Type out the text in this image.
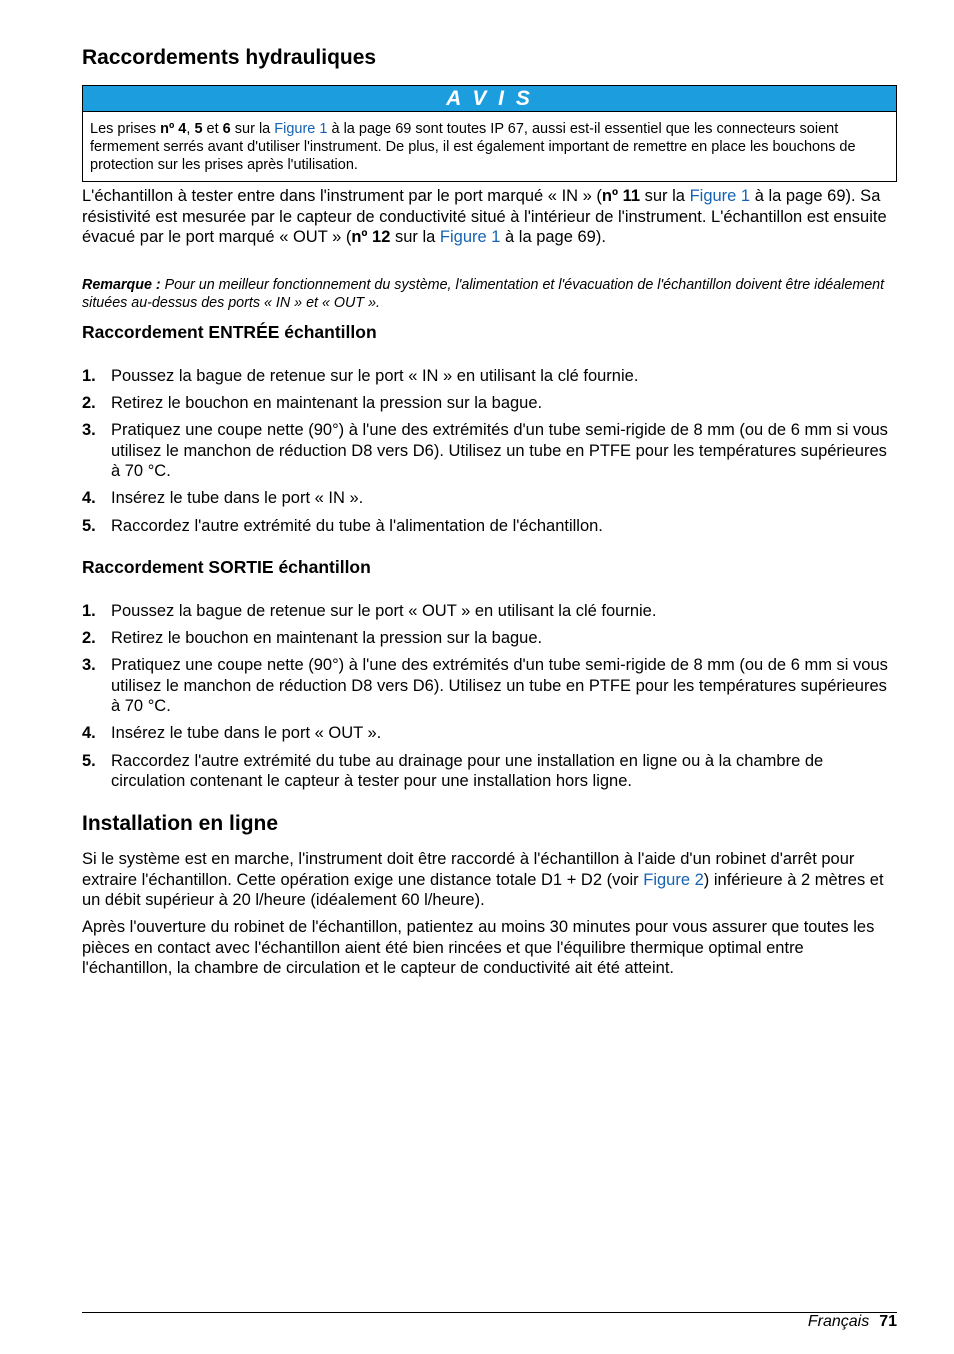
Raccordements hydrauliques
A V I S
Les prises nº 4, 5 et 6 sur la Figure 1 à la page 69 sont toutes IP 67, aussi est-il essentiel que les connecteurs soient fermement serrés avant d'utiliser l'instrument. De plus, il est également important de remettre en place les bouchons de protection sur les prises après l'utilisation.

L'échantillon à tester entre dans l'instrument par le port marqué « IN » (nº 11 sur la Figure 1 à la page 69). Sa résistivité est mesurée par le capteur de conductivité situé à l'intérieur de l'instrument. L'échantillon est ensuite évacué par le port marqué « OUT » (nº 12 sur la Figure 1 à la page 69).

Remarque : Pour un meilleur fonctionnement du système, l'alimentation et l'évacuation de l'échantillon doivent être idéalement situées au-dessus des ports « IN » et « OUT ».

Raccordement ENTRÉE échantillon
1. Poussez la bague de retenue sur le port « IN » en utilisant la clé fournie.
2. Retirez le bouchon en maintenant la pression sur la bague.
3. Pratiquez une coupe nette (90°) à l'une des extrémités d'un tube semi-rigide de 8 mm (ou de 6 mm si vous utilisez le manchon de réduction D8 vers D6). Utilisez un tube en PTFE pour les températures supérieures à 70 °C.
4. Insérez le tube dans le port « IN ».
5. Raccordez l'autre extrémité du tube à l'alimentation de l'échantillon.
Raccordement SORTIE échantillon
1. Poussez la bague de retenue sur le port « OUT » en utilisant la clé fournie.
2. Retirez le bouchon en maintenant la pression sur la bague.
3. Pratiquez une coupe nette (90°) à l'une des extrémités d'un tube semi-rigide de 8 mm (ou de 6 mm si vous utilisez le manchon de réduction D8 vers D6). Utilisez un tube en PTFE pour les températures supérieures à 70 °C.
4. Insérez le tube dans le port « OUT ».
5. Raccordez l'autre extrémité du tube au drainage pour une installation en ligne ou à la chambre de circulation contenant le capteur à tester pour une installation hors ligne.
Installation en ligne

Si le système est en marche, l'instrument doit être raccordé à l'échantillon à l'aide d'un robinet d'arrêt pour extraire l'échantillon. Cette opération exige une distance totale D1 + D2 (voir Figure 2) inférieure à 2 mètres et un débit supérieur à 20 l/heure (idéalement 60 l/heure).

Après l'ouverture du robinet de l'échantillon, patientez au moins 30 minutes pour vous assurer que toutes les pièces en contact avec l'échantillon aient été bien rincées et que l'équilibre thermique optimal entre l'échantillon, la chambre de circulation et le capteur de conductivité ait été atteint.

Français 71
